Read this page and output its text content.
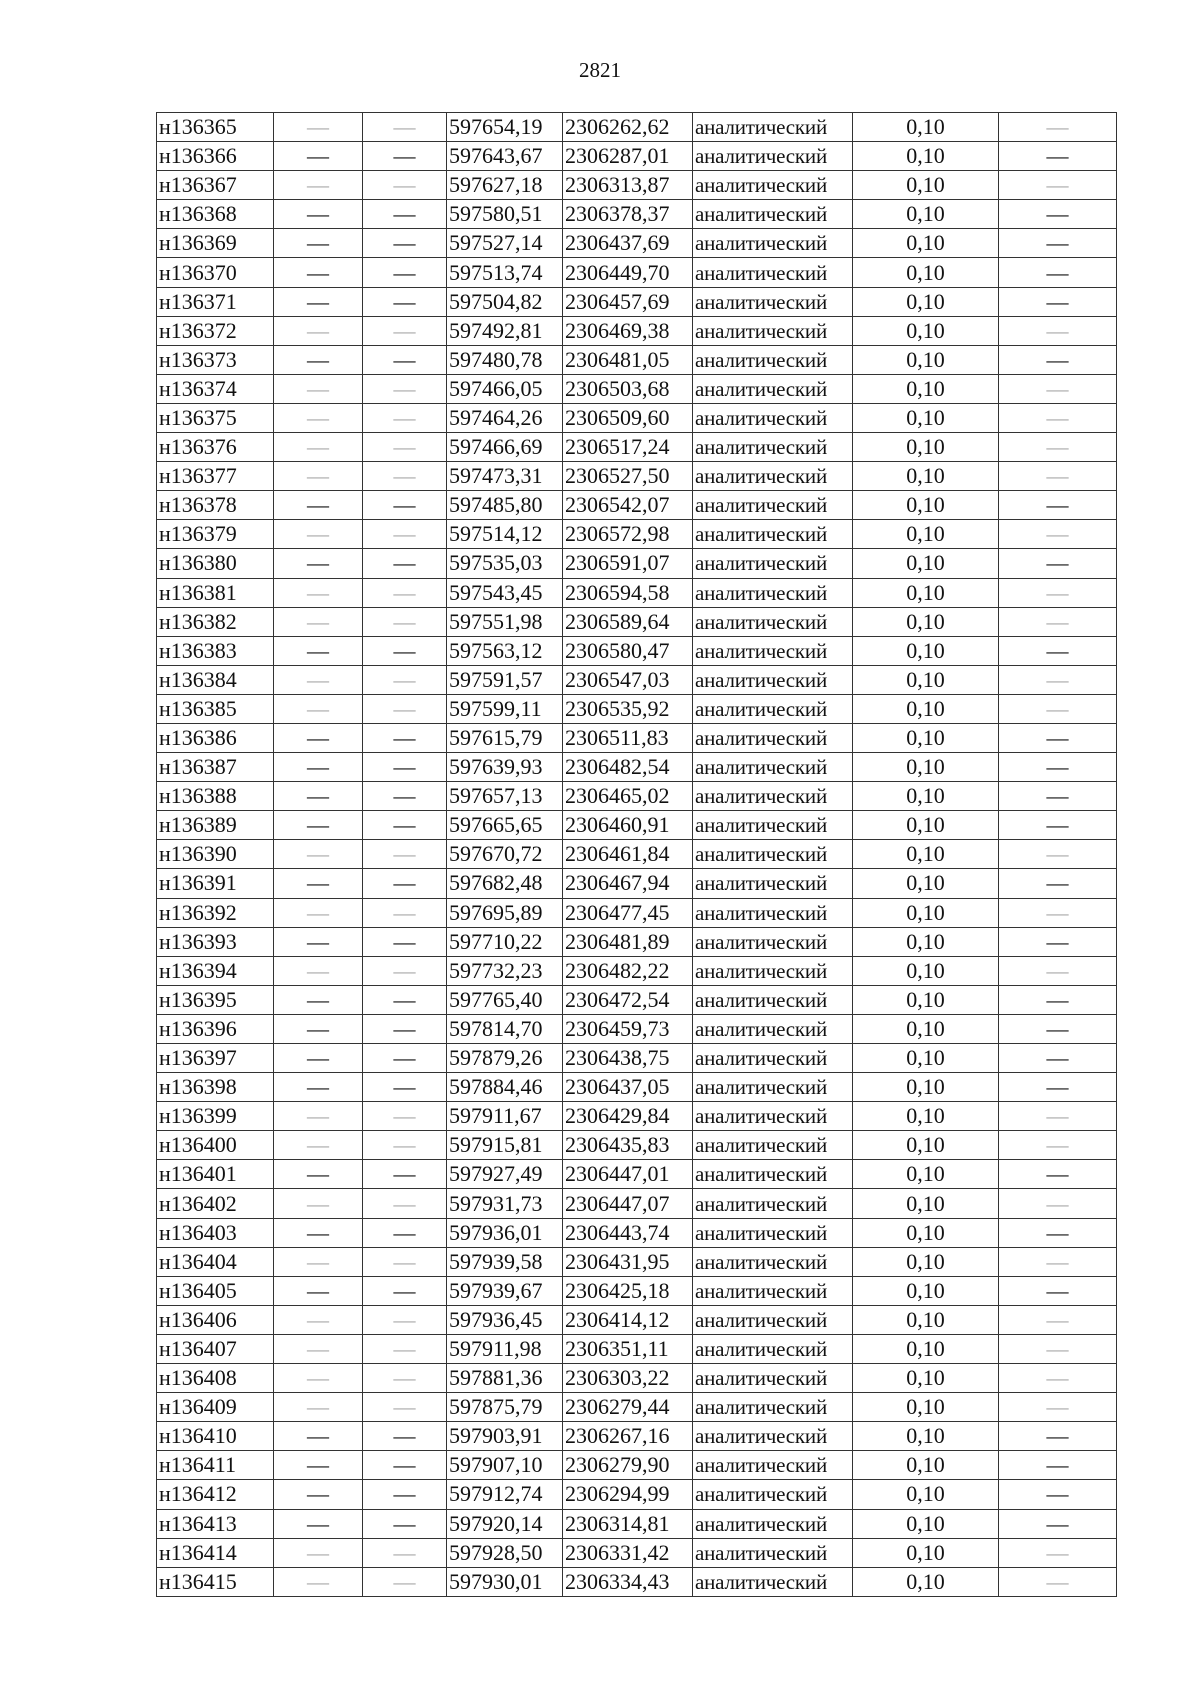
2821
н136365	—	—	597654,19	2306262,62	аналитический	0,10	—
н136366	—	—	597643,67	2306287,01	аналитический	0,10	—
н136367	—	—	597627,18	2306313,87	аналитический	0,10	—
н136368	—	—	597580,51	2306378,37	аналитический	0,10	—
н136369	—	—	597527,14	2306437,69	аналитический	0,10	—
н136370	—	—	597513,74	2306449,70	аналитический	0,10	—
н136371	—	—	597504,82	2306457,69	аналитический	0,10	—
н136372	—	—	597492,81	2306469,38	аналитический	0,10	—
н136373	—	—	597480,78	2306481,05	аналитический	0,10	—
н136374	—	—	597466,05	2306503,68	аналитический	0,10	—
н136375	—	—	597464,26	2306509,60	аналитический	0,10	—
н136376	—	—	597466,69	2306517,24	аналитический	0,10	—
н136377	—	—	597473,31	2306527,50	аналитический	0,10	—
н136378	—	—	597485,80	2306542,07	аналитический	0,10	—
н136379	—	—	597514,12	2306572,98	аналитический	0,10	—
н136380	—	—	597535,03	2306591,07	аналитический	0,10	—
н136381	—	—	597543,45	2306594,58	аналитический	0,10	—
н136382	—	—	597551,98	2306589,64	аналитический	0,10	—
н136383	—	—	597563,12	2306580,47	аналитический	0,10	—
н136384	—	—	597591,57	2306547,03	аналитический	0,10	—
н136385	—	—	597599,11	2306535,92	аналитический	0,10	—
н136386	—	—	597615,79	2306511,83	аналитический	0,10	—
н136387	—	—	597639,93	2306482,54	аналитический	0,10	—
н136388	—	—	597657,13	2306465,02	аналитический	0,10	—
н136389	—	—	597665,65	2306460,91	аналитический	0,10	—
н136390	—	—	597670,72	2306461,84	аналитический	0,10	—
н136391	—	—	597682,48	2306467,94	аналитический	0,10	—
н136392	—	—	597695,89	2306477,45	аналитический	0,10	—
н136393	—	—	597710,22	2306481,89	аналитический	0,10	—
н136394	—	—	597732,23	2306482,22	аналитический	0,10	—
н136395	—	—	597765,40	2306472,54	аналитический	0,10	—
н136396	—	—	597814,70	2306459,73	аналитический	0,10	—
н136397	—	—	597879,26	2306438,75	аналитический	0,10	—
н136398	—	—	597884,46	2306437,05	аналитический	0,10	—
н136399	—	—	597911,67	2306429,84	аналитический	0,10	—
н136400	—	—	597915,81	2306435,83	аналитический	0,10	—
н136401	—	—	597927,49	2306447,01	аналитический	0,10	—
н136402	—	—	597931,73	2306447,07	аналитический	0,10	—
н136403	—	—	597936,01	2306443,74	аналитический	0,10	—
н136404	—	—	597939,58	2306431,95	аналитический	0,10	—
н136405	—	—	597939,67	2306425,18	аналитический	0,10	—
н136406	—	—	597936,45	2306414,12	аналитический	0,10	—
н136407	—	—	597911,98	2306351,11	аналитический	0,10	—
н136408	—	—	597881,36	2306303,22	аналитический	0,10	—
н136409	—	—	597875,79	2306279,44	аналитический	0,10	—
н136410	—	—	597903,91	2306267,16	аналитический	0,10	—
н136411	—	—	597907,10	2306279,90	аналитический	0,10	—
н136412	—	—	597912,74	2306294,99	аналитический	0,10	—
н136413	—	—	597920,14	2306314,81	аналитический	0,10	—
н136414	—	—	597928,50	2306331,42	аналитический	0,10	—
н136415	—	—	597930,01	2306334,43	аналитический	0,10	—
